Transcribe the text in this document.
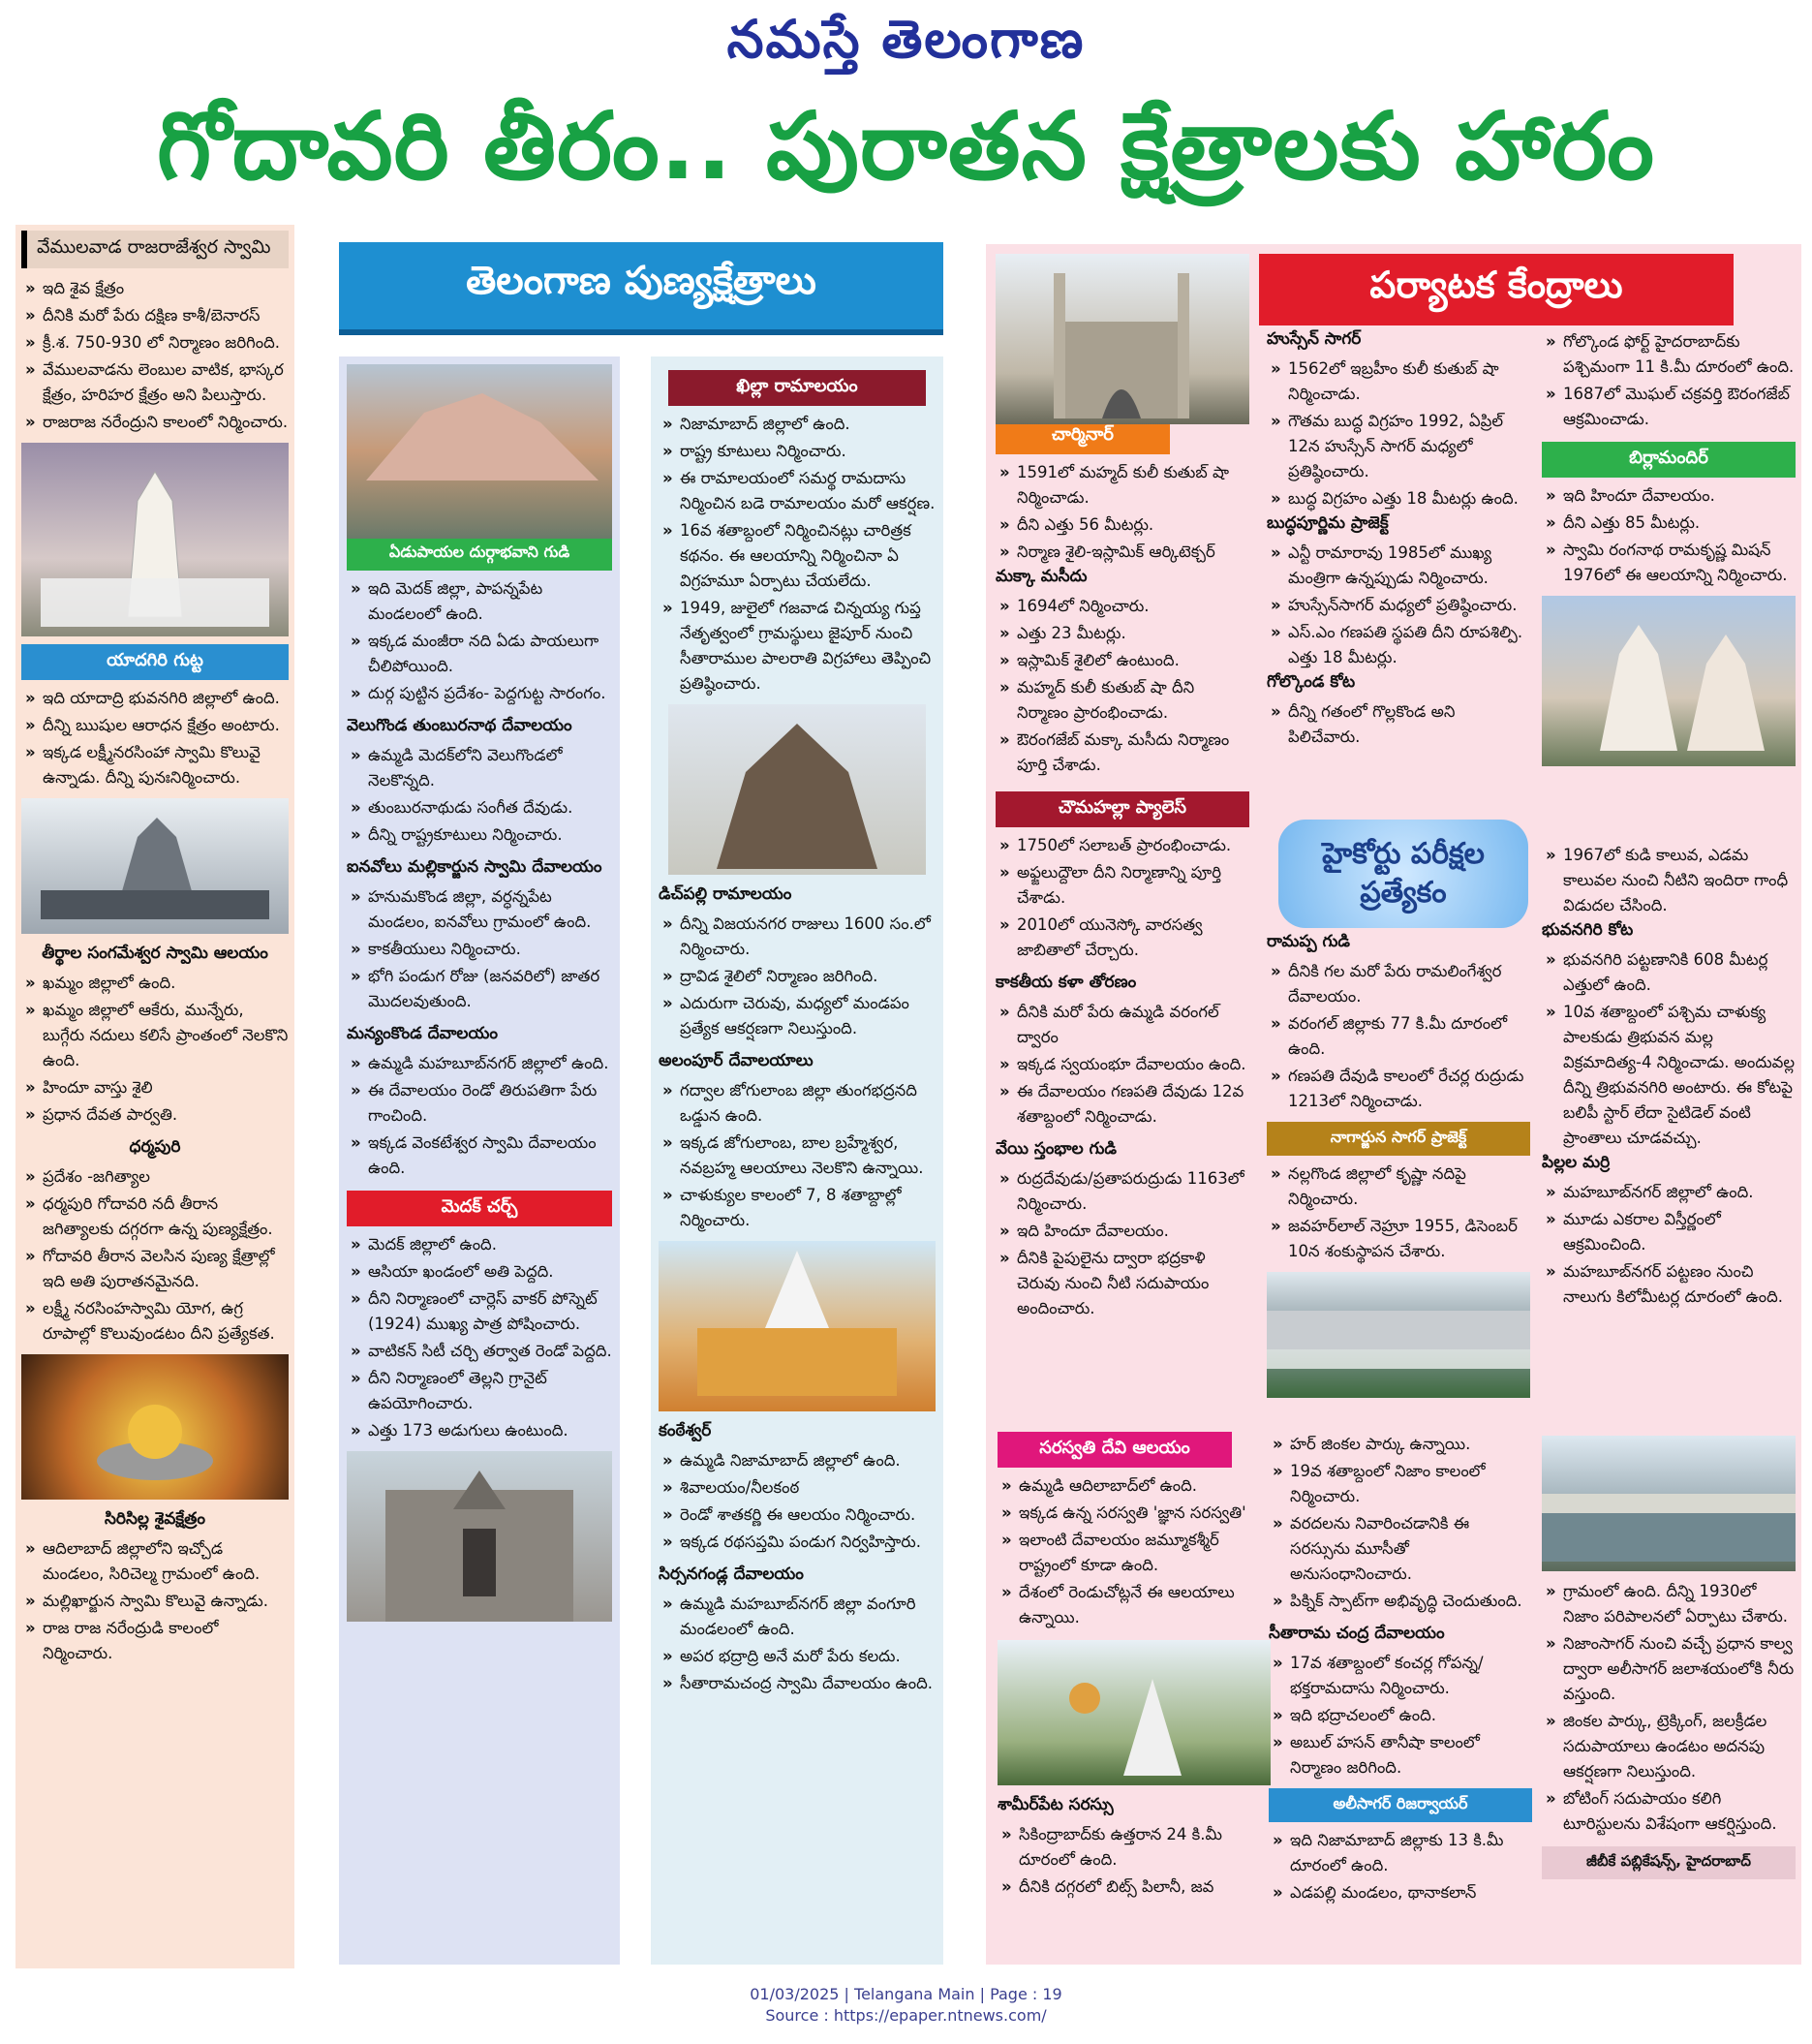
నమస్తే తెలంగాణ
గోదావరి తీరం.. పురాతన క్షేత్రాలకు హారం
వేములవాడ రాజరాజేశ్వర స్వామి
» ఇది శైవ క్షేత్రం
» దీనికి మరో పేరు దక్షిణ కాశీ/బెనారస్
» క్రీ.శ. 750-930 లో నిర్మాణం జరిగింది.
» వేములవాడను లెంబుల వాటిక, భాస్కర క్షేత్రం, హరిహర క్షేత్రం అని పిలుస్తారు.
» రాజరాజ నరేంద్రుని కాలంలో నిర్మించారు.
యాదగిరి గుట్ట
» ఇది యాదాద్రి భువనగిరి జిల్లాలో ఉంది.
» దీన్ని ఋషుల ఆరాధన క్షేత్రం అంటారు.
» ఇక్కడ లక్ష్మీనరసింహా స్వామి కొలువై ఉన్నాడు. దీన్ని పునఃనిర్మించారు.
తీర్థాల సంగమేశ్వర స్వామి ఆలయం
» ఖమ్మం జిల్లాలో ఉంది.
» ఖమ్మం జిల్లాలో ఆకేరు, మున్నేరు, బుగ్గేరు నదులు కలిసే ప్రాంతంలో నెలకొని ఉంది.
» హిందూ వాస్తు శైలి
» ప్రధాన దేవత పార్వతి.
ధర్మపురి
» ప్రదేశం -జగిత్యాల
» ధర్మపురి గోదావరి నదీ తీరాన జగిత్యాలకు దగ్గరగా ఉన్న పుణ్యక్షేత్రం.
» గోదావరి తీరాన వెలసిన పుణ్య క్షేత్రాల్లో ఇది అతి పురాతనమైనది.
» లక్ష్మీ నరసింహస్వామి యోగ, ఉగ్ర రూపాల్లో కొలువుండటం దీని ప్రత్యేకత.
సిరిసిల్ల శైవక్షేత్రం
» ఆదిలాబాద్ జిల్లాలోని ఇచ్చోడ మండలం, సిరిచెల్మ గ్రామంలో ఉంది.
» మల్లిఖార్జున స్వామి కొలువై ఉన్నాడు.
» రాజ రాజ నరేంద్రుడి కాలంలో నిర్మించారు.
తెలంగాణ పుణ్యక్షేత్రాలు
ఏడుపాయల దుర్గాభవాని గుడి
» ఇది మెదక్ జిల్లా, పాపన్నపేట మండలంలో ఉంది.
» ఇక్కడ మంజీరా నది ఏడు పాయలుగా చీలిపోయింది.
» దుర్గ పుట్టిన ప్రదేశం- పెద్దగుట్ట సారంగం.
వెలుగొండ తుంబురనాథ దేవాలయం
» ఉమ్మడి మెదక్‌లోని వెలుగొండలో నెలకొన్నది.
» తుంబురనాథుడు సంగీత దేవుడు.
» దీన్ని రాష్ట్రకూటులు నిర్మించారు.
ఐనవోలు మల్లికార్జున స్వామి దేవాలయం
» హనుమకొండ జిల్లా, వర్ధన్నపేట మండలం, ఐనవోలు గ్రామంలో ఉంది.
» కాకతీయులు నిర్మించారు.
» భోగి పండుగ రోజు (జనవరిలో) జాతర మొదలవుతుంది.
మన్యంకొండ దేవాలయం
» ఉమ్మడి మహబూబ్‌నగర్ జిల్లాలో ఉంది.
» ఈ దేవాలయం రెండో తిరుపతిగా పేరు గాంచింది.
» ఇక్కడ వెంకటేశ్వర స్వామి దేవాలయం ఉంది.
మెదక్ చర్చ్
» మెదక్ జిల్లాలో ఉంది.
» ఆసియా ఖండంలో అతి పెద్దది.
» దీని నిర్మాణంలో చార్లెస్ వాకర్ పోస్నెట్ (1924) ముఖ్య పాత్ర పోషించారు.
» వాటికన్ సిటీ చర్చి తర్వాత రెండో పెద్దది.
» దీని నిర్మాణంలో తెల్లని గ్రానైట్ ఉపయోగించారు.
» ఎత్తు 173 అడుగులు ఉంటుంది.
ఖిల్లా రామాలయం
» నిజామాబాద్ జిల్లాలో ఉంది.
» రాష్ట్ర కూటులు నిర్మించారు.
» ఈ రామాలయంలో సమర్థ రామదాసు నిర్మించిన బడె రామాలయం మరో ఆకర్షణ.
» 16వ శతాబ్దంలో నిర్మించినట్లు చారిత్రక కథనం. ఈ ఆలయాన్ని నిర్మించినా ఏ విగ్రహమూ ఏర్పాటు చేయలేదు.
» 1949, జులైలో గజవాడ చిన్నయ్య గుప్త నేతృత్వంలో గ్రామస్థులు జైపూర్ నుంచి సీతారాముల పాలరాతి విగ్రహాలు తెప్పించి ప్రతిష్ఠించారు.
డిచ్‌పల్లి రామాలయం
» దీన్ని విజయనగర రాజులు 1600 సం.లో నిర్మించారు.
» ద్రావిడ శైలిలో నిర్మాణం జరిగింది.
» ఎదురుగా చెరువు, మధ్యలో మండపం ప్రత్యేక ఆకర్షణగా నిలుస్తుంది.
అలంపూర్ దేవాలయాలు
» గద్వాల జోగులాంబ జిల్లా తుంగభద్రనది ఒడ్డున ఉంది.
» ఇక్కడ జోగులాంబ, బాల బ్రహ్మేశ్వర, నవబ్రహ్మ ఆలయాలు నెలకొని ఉన్నాయి.
» చాళుక్యుల కాలంలో 7, 8 శతాబ్దాల్లో నిర్మించారు.
కంఠేశ్వర్
» ఉమ్మడి నిజామాబాద్ జిల్లాలో ఉంది.
» శివాలయం/నీలకంఠ
» రెండో శాతకర్ణి ఈ ఆలయం నిర్మించారు.
» ఇక్కడ రథసప్తమి పండుగ నిర్వహిస్తారు.
సిర్సనగండ్ల దేవాలయం
» ఉమ్మడి మహబూబ్‌నగర్ జిల్లా వంగూరి మండలంలో ఉంది.
» అపర భద్రాద్రి అనే మరో పేరు కలదు.
» సీతారామచంద్ర స్వామి దేవాలయం ఉంది.
పర్యాటక కేంద్రాలు
చార్మినార్
» 1591లో మహ్మద్ కులీ కుతుబ్ షా నిర్మించాడు.
» దీని ఎత్తు 56 మీటర్లు.
» నిర్మాణ శైలి-ఇస్లామిక్ ఆర్కిటెక్చర్
మక్కా మసీదు
» 1694లో నిర్మించారు.
» ఎత్తు 23 మీటర్లు.
» ఇస్లామిక్ శైలిలో ఉంటుంది.
» మహ్మద్ కులీ కుతుబ్ షా దీని నిర్మాణం ప్రారంభించాడు.
» ఔరంగజేబ్ మక్కా మసీదు నిర్మాణం పూర్తి చేశాడు.
చౌమహల్లా ప్యాలెస్
» 1750లో సలాబత్ ప్రారంభించాడు.
» అఫ్జలుద్దౌలా దీని నిర్మాణాన్ని పూర్తి చేశాడు.
» 2010లో యునెస్కో వారసత్వ జాబితాలో చేర్చారు.
కాకతీయ కళా తోరణం
» దీనికి మరో పేరు ఉమ్మడి వరంగల్ ద్వారం
» ఇక్కడ స్వయంభూ దేవాలయం ఉంది.
» ఈ దేవాలయం గణపతి దేవుడు 12వ శతాబ్దంలో నిర్మించాడు.
వేయి స్తంభాల గుడి
» రుద్రదేవుడు/ప్రతాపరుద్రుడు 1163లో నిర్మించారు.
» ఇది హిందూ దేవాలయం.
» దీనికి పైపులైను ద్వారా భద్రకాళి చెరువు నుంచి నీటి సదుపాయం అందించారు.
హుస్సేన్ సాగర్
» 1562లో ఇబ్రహీం కులీ కుతుబ్ షా నిర్మించాడు.
» గౌతమ బుద్ధ విగ్రహం 1992, ఏప్రిల్ 12న హుస్సేన్ సాగర్ మధ్యలో ప్రతిష్ఠించారు.
» బుద్ధ విగ్రహం ఎత్తు 18 మీటర్లు ఉంది.
బుద్ధపూర్ణిమ ప్రాజెక్ట్
» ఎన్టీ రామారావు 1985లో ముఖ్య మంత్రిగా ఉన్నప్పుడు నిర్మించారు.
» హుస్సేన్‌సాగర్ మధ్యలో ప్రతిష్ఠించారు.
» ఎస్.ఎం గణపతి స్థపతి దీని రూపశిల్పి. ఎత్తు 18 మీటర్లు.
గోల్కొండ కోట
» దీన్ని గతంలో గొల్లకొండ అని పిలిచేవారు.
హైకోర్టు పరీక్షల ప్రత్యేకం
రామప్ప గుడి
» దీనికి గల మరో పేరు రామలింగేశ్వర దేవాలయం.
» వరంగల్ జిల్లాకు 77 కి.మీ దూరంలో ఉంది.
» గణపతి దేవుడి కాలంలో రేచర్ల రుద్రుడు 1213లో నిర్మించాడు.
నాగార్జున సాగర్ ప్రాజెక్ట్
» నల్లగొండ జిల్లాలో కృష్ణా నదిపై నిర్మించారు.
» జవహర్‌లాల్ నెహ్రూ 1955, డిసెంబర్ 10న శంకుస్థాపన చేశారు.
» గోల్కొండ ఫోర్ట్ హైదరాబాద్‌కు పశ్చిమంగా 11 కి.మీ దూరంలో ఉంది.
» 1687లో మొఘల్ చక్రవర్తి ఔరంగజేబ్ ఆక్రమించాడు.
బిర్లామందిర్
» ఇది హిందూ దేవాలయం.
» దీని ఎత్తు 85 మీటర్లు.
» స్వామి రంగనాథ రామకృష్ణ మిషన్ 1976లో ఈ ఆలయాన్ని నిర్మించారు.
» 1967లో కుడి కాలువ, ఎడమ కాలువల నుంచి నీటిని ఇందిరా గాంధీ విడుదల చేసింది.
భువనగిరి కోట
» భువనగిరి పట్టణానికి 608 మీటర్ల ఎత్తులో ఉంది.
» 10వ శతాబ్దంలో పశ్చిమ చాళుక్య పాలకుడు త్రిభువన మల్ల విక్రమాదిత్య-4 నిర్మించాడు. అందువల్ల దీన్ని త్రిభువనగిరి అంటారు. ఈ కోటపై బలిపీ స్టార్ లేదా సైటిడెల్ వంటి ప్రాంతాలు చూడవచ్చు.
పిల్లల మర్రి
» మహబూబ్‌నగర్ జిల్లాలో ఉంది.
» మూడు ఎకరాల విస్తీర్ణంలో ఆక్రమించింది.
» మహబూబ్‌నగర్ పట్టణం నుంచి నాలుగు కిలోమీటర్ల దూరంలో ఉంది.
సరస్వతి దేవి ఆలయం
» ఉమ్మడి ఆదిలాబాద్‌లో ఉంది.
» ఇక్కడ ఉన్న సరస్వతి 'జ్ఞాన సరస్వతి'
» ఇలాంటి దేవాలయం జమ్మూకశ్మీర్ రాష్ట్రంలో కూడా ఉంది.
» దేశంలో రెండుచోట్లనే ఈ ఆలయాలు ఉన్నాయి.
శామీర్‌పేట సరస్సు
» సికింద్రాబాద్‌కు ఉత్తరాన 24 కి.మీ దూరంలో ఉంది.
» దీనికి దగ్గరలో బిట్స్ పిలానీ, జవ
» హర్ జింకల పార్కు ఉన్నాయి.
» 19వ శతాబ్దంలో నిజాం కాలంలో నిర్మించారు.
» వరదలను నివారించడానికి ఈ సరస్సును మూసీతో అనుసంధానించారు.
» పిక్నిక్ స్పాట్‌గా అభివృద్ధి చెందుతుంది.
సీతారామ చంద్ర దేవాలయం
» 17వ శతాబ్దంలో కంచర్ల గోపన్న/భక్తరామదాసు నిర్మించారు.
» ఇది భద్రాచలంలో ఉంది.
» అబుల్ హసన్ తానీషా కాలంలో నిర్మాణం జరిగింది.
అలీసాగర్ రిజర్వాయర్
» ఇది నిజామాబాద్ జిల్లాకు 13 కి.మీ దూరంలో ఉంది.
» ఎడపల్లి మండలం, థానాకలాన్
» గ్రామంలో ఉంది. దీన్ని 1930లో నిజాం పరిపాలనలో ఏర్పాటు చేశారు.
» నిజాంసాగర్ నుంచి వచ్చే ప్రధాన కాల్వ ద్వారా అలీసాగర్ జలాశయంలోకి నీరు వస్తుంది.
» జింకల పార్కు, ట్రెక్కింగ్, జలక్రీడల సదుపాయాలు ఉండటం అదనపు ఆకర్షణగా నిలుస్తుంది.
» బోటింగ్ సదుపాయం కలిగి టూరిస్టులను విశేషంగా ఆకర్షిస్తుంది.
జీబీకే పబ్లికేషన్స్, హైదరాబాద్
01/03/2025 | Telangana Main | Page : 19
Source : https://epaper.ntnews.com/
